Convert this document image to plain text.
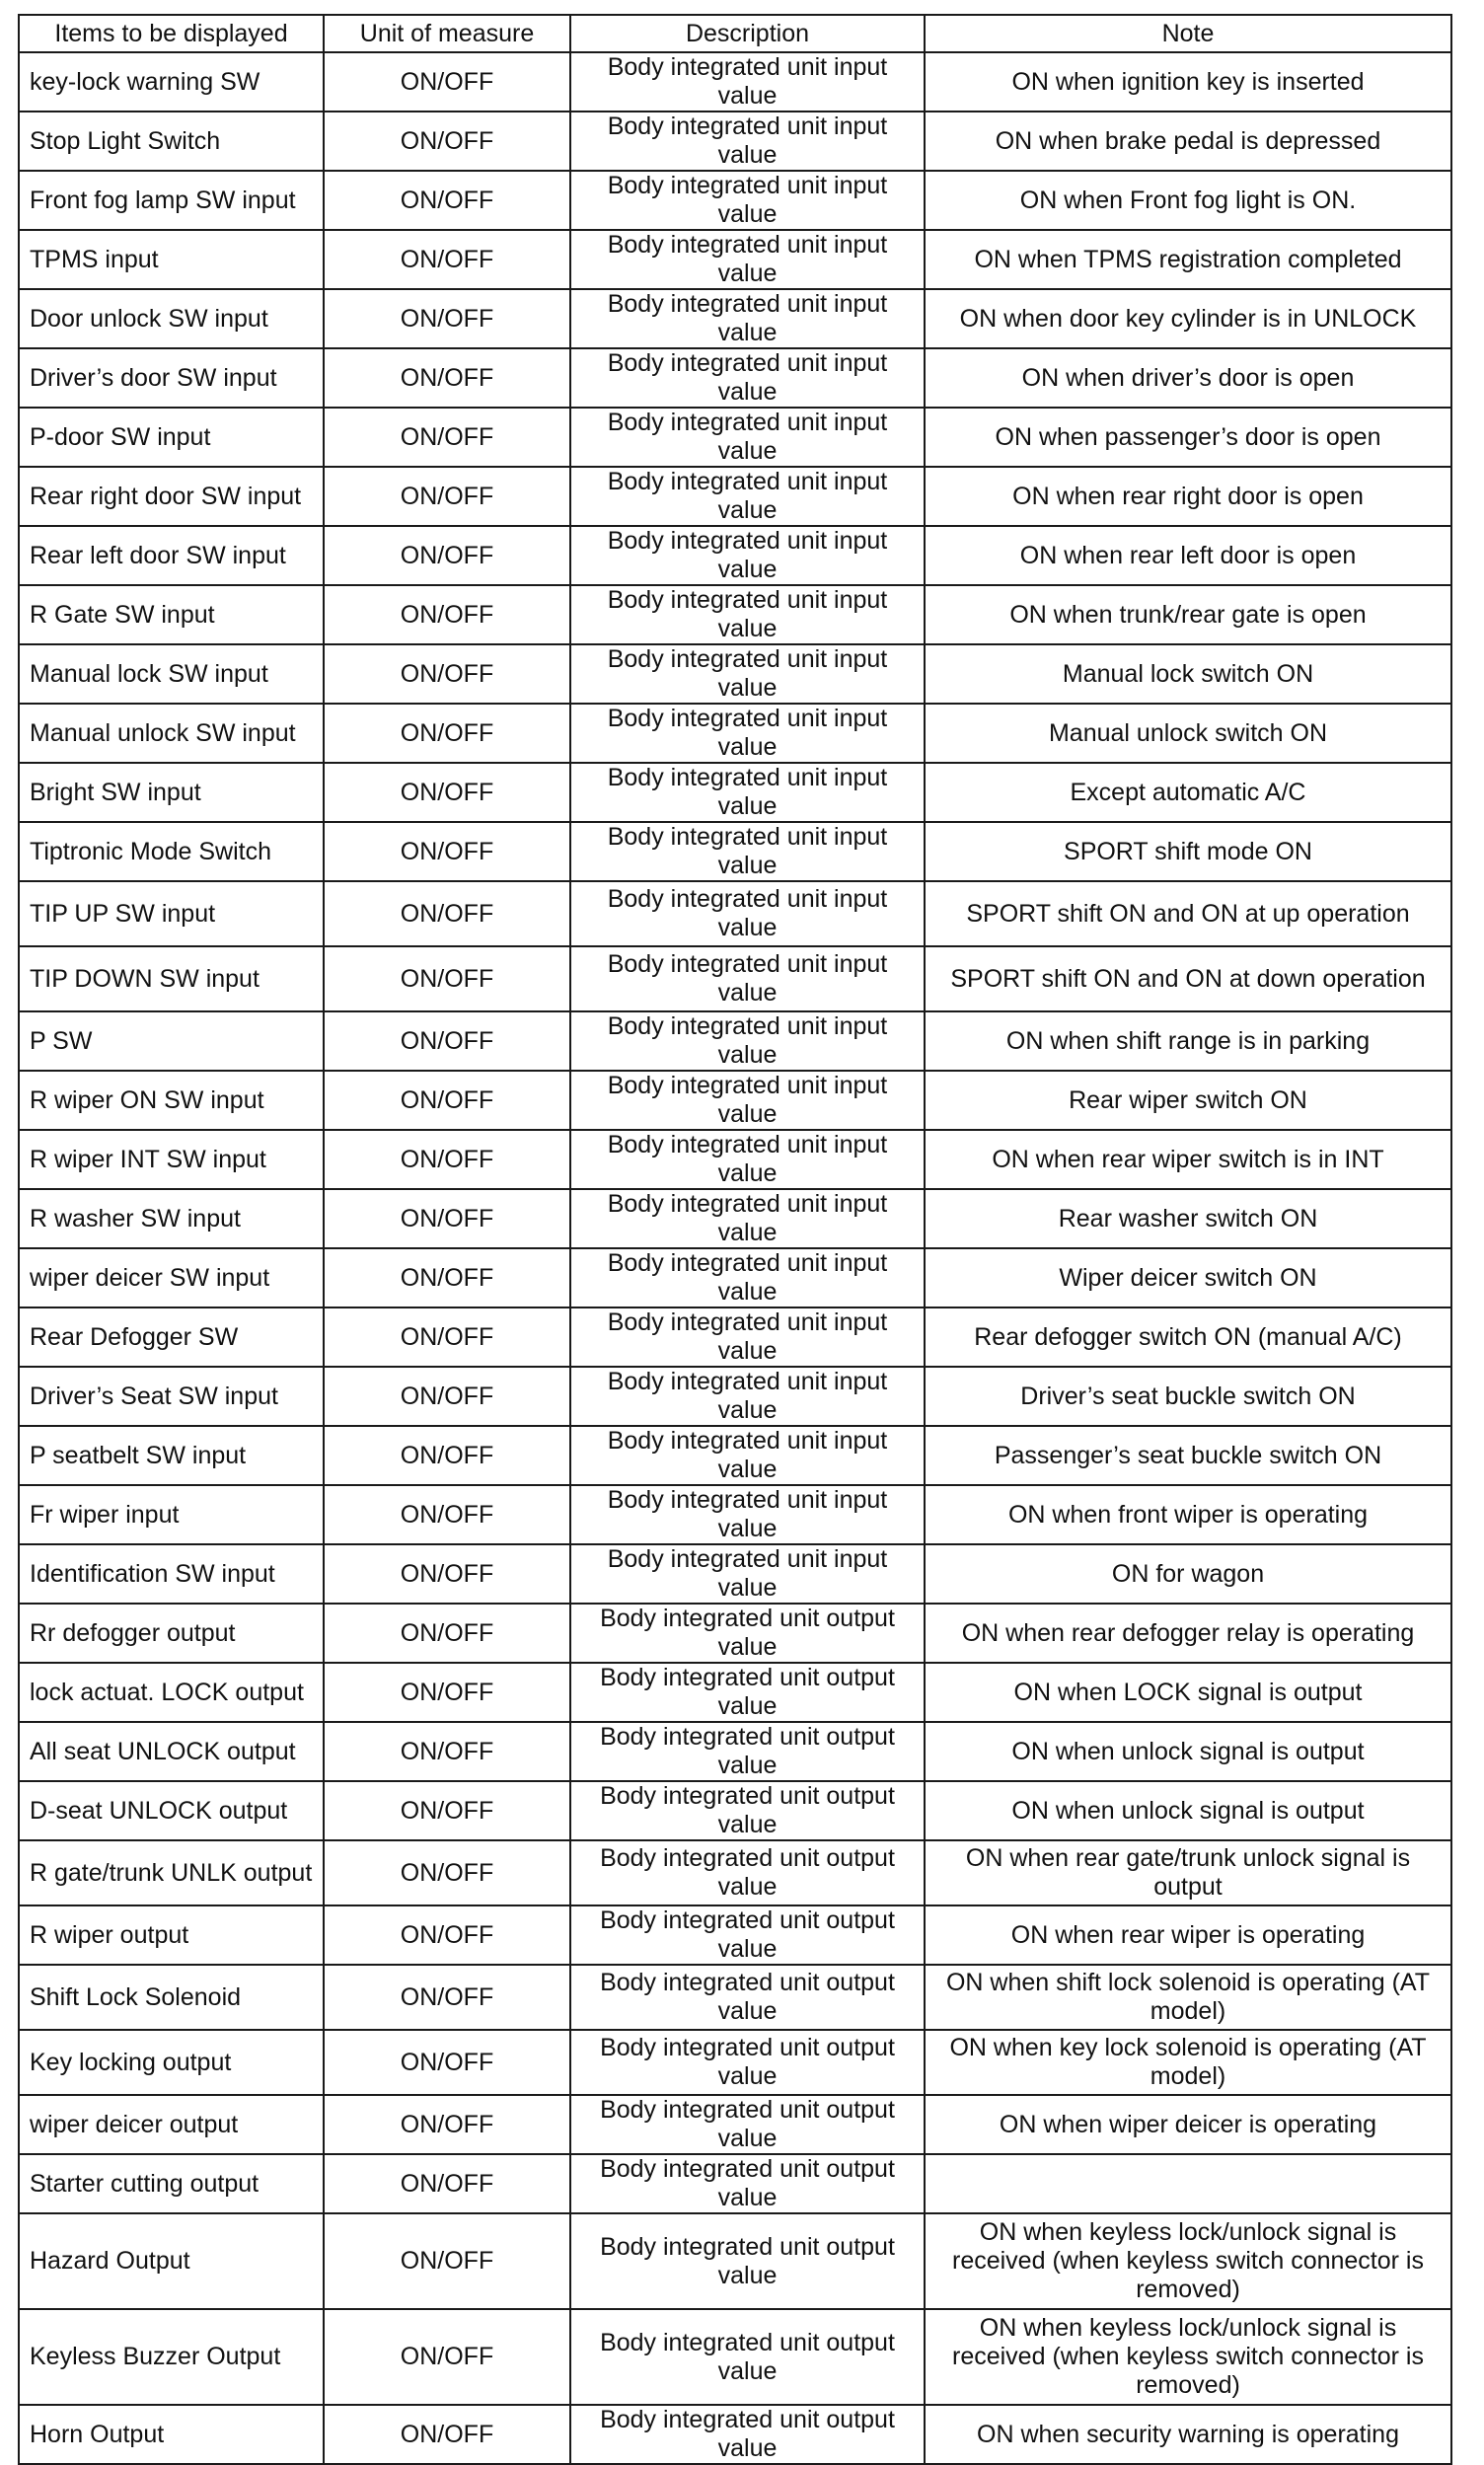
Items to be displayed	Unit of measure	Description	Note
key-lock warning SW	ON/OFF	Body integrated unit input value	ON when ignition key is inserted
Stop Light Switch	ON/OFF	Body integrated unit input value	ON when brake pedal is depressed
Front fog lamp SW input	ON/OFF	Body integrated unit input value	ON when Front fog light is ON.
TPMS input	ON/OFF	Body integrated unit input value	ON when TPMS registration completed
Door unlock SW input	ON/OFF	Body integrated unit input value	ON when door key cylinder is in UNLOCK
Driver’s door SW input	ON/OFF	Body integrated unit input value	ON when driver’s door is open
P-door SW input	ON/OFF	Body integrated unit input value	ON when passenger’s door is open
Rear right door SW input	ON/OFF	Body integrated unit input value	ON when rear right door is open
Rear left door SW input	ON/OFF	Body integrated unit input value	ON when rear left door is open
R Gate SW input	ON/OFF	Body integrated unit input value	ON when trunk/rear gate is open
Manual lock SW input	ON/OFF	Body integrated unit input value	Manual lock switch ON
Manual unlock SW input	ON/OFF	Body integrated unit input value	Manual unlock switch ON
Bright SW input	ON/OFF	Body integrated unit input value	Except automatic A/C
Tiptronic Mode Switch	ON/OFF	Body integrated unit input value	SPORT shift mode ON
TIP UP SW input	ON/OFF	Body integrated unit input value	SPORT shift ON and ON at up operation
TIP DOWN SW input	ON/OFF	Body integrated unit input value	SPORT shift ON and ON at down operation
P SW	ON/OFF	Body integrated unit input value	ON when shift range is in parking
R wiper ON SW input	ON/OFF	Body integrated unit input value	Rear wiper switch ON
R wiper INT SW input	ON/OFF	Body integrated unit input value	ON when rear wiper switch is in INT
R washer SW input	ON/OFF	Body integrated unit input value	Rear washer switch ON
wiper deicer SW input	ON/OFF	Body integrated unit input value	Wiper deicer switch ON
Rear Defogger SW	ON/OFF	Body integrated unit input value	Rear defogger switch ON (manual A/C)
Driver’s Seat SW input	ON/OFF	Body integrated unit input value	Driver’s seat buckle switch ON
P seatbelt SW input	ON/OFF	Body integrated unit input value	Passenger’s seat buckle switch ON
Fr wiper input	ON/OFF	Body integrated unit input value	ON when front wiper is operating
Identification SW input	ON/OFF	Body integrated unit input value	ON for wagon
Rr defogger output	ON/OFF	Body integrated unit output value	ON when rear defogger relay is operating
lock actuat. LOCK output	ON/OFF	Body integrated unit output value	ON when LOCK signal is output
All seat UNLOCK output	ON/OFF	Body integrated unit output value	ON when unlock signal is output
D-seat UNLOCK output	ON/OFF	Body integrated unit output value	ON when unlock signal is output
R gate/trunk UNLK output	ON/OFF	Body integrated unit output value	ON when rear gate/trunk unlock signal is output
R wiper output	ON/OFF	Body integrated unit output value	ON when rear wiper is operating
Shift Lock Solenoid	ON/OFF	Body integrated unit output value	ON when shift lock solenoid is operating (AT model)
Key locking output	ON/OFF	Body integrated unit output value	ON when key lock solenoid is operating (AT model)
wiper deicer output	ON/OFF	Body integrated unit output value	ON when wiper deicer is operating
Starter cutting output	ON/OFF	Body integrated unit output value	
Hazard Output	ON/OFF	Body integrated unit output value	ON when keyless lock/unlock signal is received (when keyless switch connector is removed)
Keyless Buzzer Output	ON/OFF	Body integrated unit output value	ON when keyless lock/unlock signal is received (when keyless switch connector is removed)
Horn Output	ON/OFF	Body integrated unit output value	ON when security warning is operating
